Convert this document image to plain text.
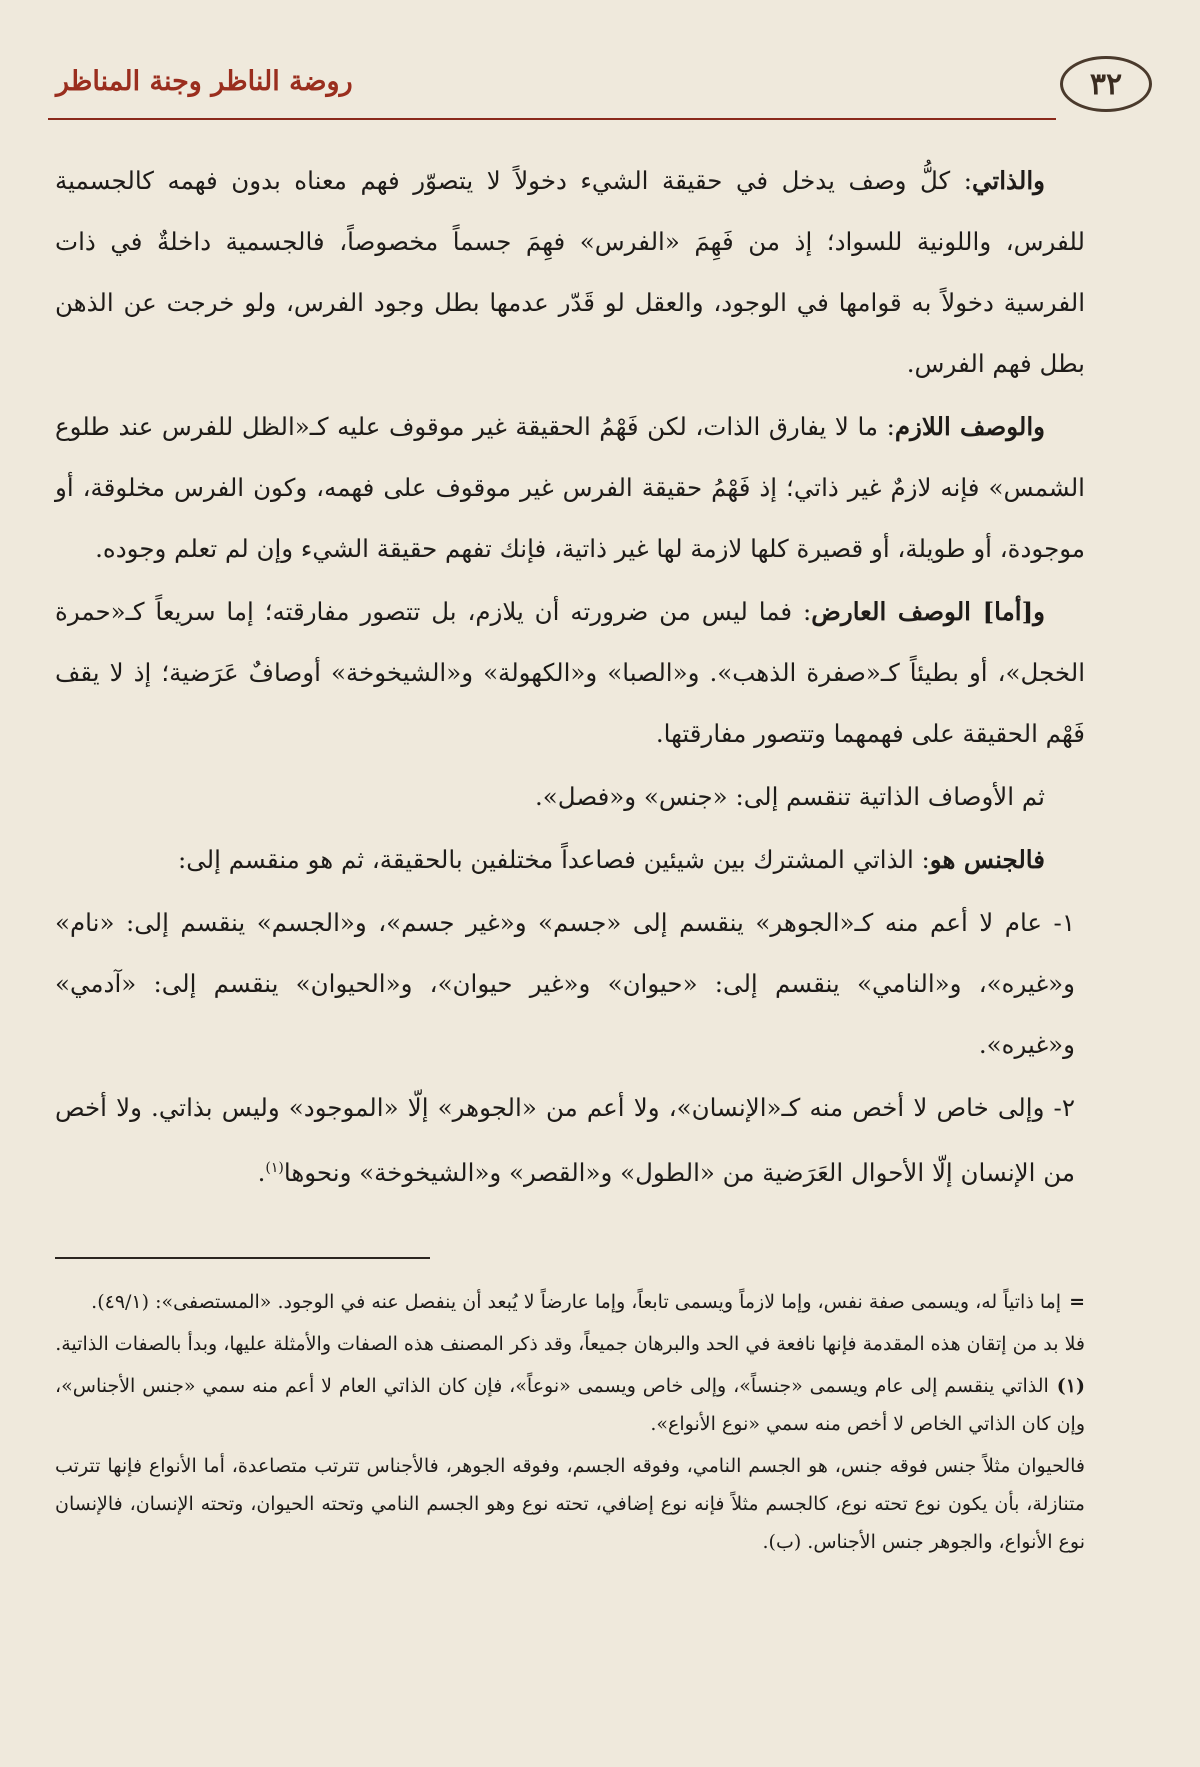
٣٢
روضة الناظر وجنة المناظر

والذاتي: كلُّ وصف يدخل في حقيقة الشيء دخولاً لا يتصوّر فهم معناه بدون فهمه كالجسمية للفرس، واللونية للسواد؛ إذ من فَهِمَ «الفرس» فهِمَ جسماً مخصوصاً، فالجسمية داخلةٌ في ذات الفرسية دخولاً به قوامها في الوجود، والعقل لو قَدّر عدمها بطل وجود الفرس، ولو خرجت عن الذهن بطل فهم الفرس.

والوصف اللازم: ما لا يفارق الذات، لكن فَهْمُ الحقيقة غير موقوف عليه كـ«الظل للفرس عند طلوع الشمس» فإنه لازمٌ غير ذاتي؛ إذ فَهْمُ حقيقة الفرس غير موقوف على فهمه، وكون الفرس مخلوقة، أو موجودة، أو طويلة، أو قصيرة كلها لازمة لها غير ذاتية، فإنك تفهم حقيقة الشيء وإن لم تعلم وجوده.

و[أما] الوصف العارض: فما ليس من ضرورته أن يلازم، بل تتصور مفارقته؛ إما سريعاً كـ«حمرة الخجل»، أو بطيئاً كـ«صفرة الذهب». و«الصبا» و«الكهولة» و«الشيخوخة» أوصافٌ عَرَضية؛ إذ لا يقف فَهْم الحقيقة على فهمهما وتتصور مفارقتها.

ثم الأوصاف الذاتية تنقسم إلى: «جنس» و«فصل».

فالجنس هو: الذاتي المشترك بين شيئين فصاعداً مختلفين بالحقيقة، ثم هو منقسم إلى:

١- عام لا أعم منه كـ«الجوهر» ينقسم إلى «جسم» و«غير جسم»، و«الجسم» ينقسم إلى: «نام» و«غيره»، و«النامي» ينقسم إلى: «حيوان» و«غير حيوان»، و«الحيوان» ينقسم إلى: «آدمي» و«غيره».

٢- وإلى خاص لا أخص منه كـ«الإنسان»، ولا أعم من «الجوهر» إلّا «الموجود» وليس بذاتي. ولا أخص من الإنسان إلّا الأحوال العَرَضية من «الطول» و«القصر» و«الشيخوخة» ونحوها$^{(١)}$.

=إما ذاتياً له، ويسمى صفة نفس، وإما لازماً ويسمى تابعاً، وإما عارضاً لا يُبعد أن ينفصل عنه في الوجود. «المستصفى»: (٤٩/١).

فلا بد من إتقان هذه المقدمة فإنها نافعة في الحد والبرهان جميعاً، وقد ذكر المصنف هذه الصفات والأمثلة عليها، وبدأ بالصفات الذاتية.

(١)الذاتي ينقسم إلى عام ويسمى «جنساً»، وإلى خاص ويسمى «نوعاً»، فإن كان الذاتي العام لا أعم منه سمي «جنس الأجناس»، وإن كان الذاتي الخاص لا أخص منه سمي «نوع الأنواع».

فالحيوان مثلاً جنس فوقه جنس، هو الجسم النامي، وفوقه الجسم، وفوقه الجوهر، فالأجناس تترتب متصاعدة، أما الأنواع فإنها تترتب متنازلة، بأن يكون نوع تحته نوع، كالجسم مثلاً فإنه نوع إضافي، تحته نوع وهو الجسم النامي وتحته الحيوان، وتحته الإنسان، فالإنسان نوع الأنواع، والجوهر جنس الأجناس. (ب).
